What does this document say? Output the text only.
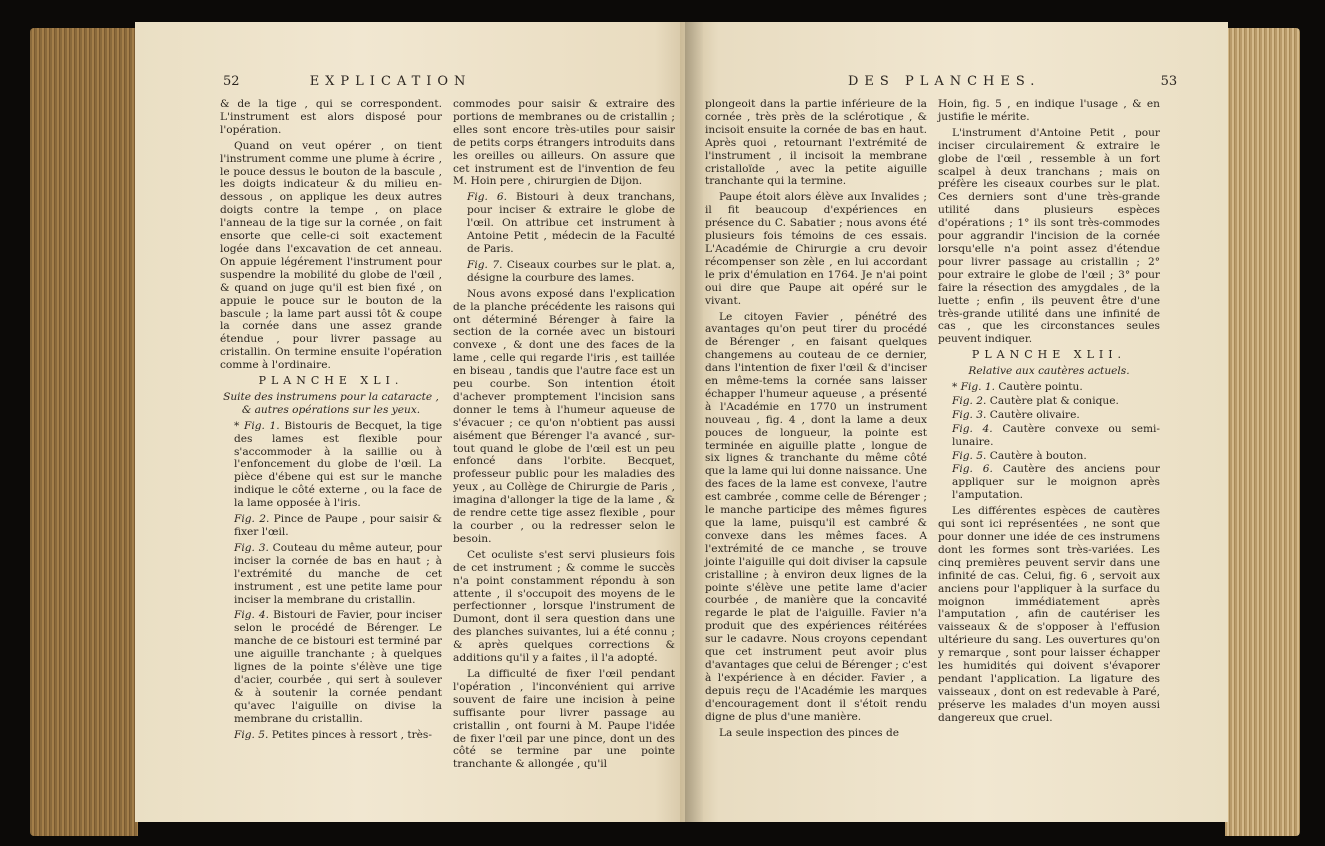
52	EXPLICATION

& de la tige , qui se correspondent. L'instrument est alors disposé pour l'opération.

Quand on veut opérer , on tient l'instrument comme une plume à écrire , le pouce dessus le bouton de la bascule , les doigts indicateur & du milieu en-dessous , on applique les deux autres doigts contre la tempe , on place l'anneau de la tige sur la cornée , on fait ensorte que celle-ci soit exactement logée dans l'excavation de cet anneau. On appuie légérement l'instrument pour suspendre la mobilité du globe de l'œil , & quand on juge qu'il est bien fixé , on appuie le pouce sur le bouton de la bascule ; la lame part aussi tôt & coupe la cornée dans une assez grande étendue , pour livrer passage au cristallin. On termine ensuite l'opération comme à l'ordinaire.

PLANCHE XLI.

Suite des instrumens pour la cataracte , & autres opérations sur les yeux.

* Fig. 1. Bistouris de Becquet, la tige des lames est flexible pour s'accommoder à la saillie ou à l'enfoncement du globe de l'œil. La pièce d'ébene qui est sur le manche indique le côté externe , ou la face de la lame opposée à l'iris.

Fig. 2. Pince de Paupe , pour saisir & fixer l'œil.

Fig. 3. Couteau du même auteur, pour inciser la cornée de bas en haut ; à l'extrémité du manche de cet instrument , est une petite lame pour inciser la membrane du cristallin.

Fig. 4. Bistouri de Favier, pour inciser selon le procédé de Bérenger. Le manche de ce bistouri est terminé par une aiguille tranchante ; à quelques lignes de la pointe s'élève une tige d'acier, courbée , qui sert à soulever & à soutenir la cornée pendant qu'avec l'aiguille on divise la membrane du cristallin.

Fig. 5. Petites pinces à ressort , très-

commodes pour saisir & extraire des portions de membranes ou de cristallin ; elles sont encore très-utiles pour saisir de petits corps étrangers introduits dans les oreilles ou ailleurs. On assure que cet instrument est de l'invention de feu M. Hoin pere , chirurgien de Dijon.

Fig. 6. Bistouri à deux tranchans, pour inciser & extraire le globe de l'œil. On attribue cet instrument à Antoine Petit , médecin de la Faculté de Paris.

Fig. 7. Ciseaux courbes sur le plat. a, désigne la courbure des lames.

Nous avons exposé dans l'explication de la planche précédente les raisons qui ont déterminé Bérenger à faire la section de la cornée avec un bistouri convexe , & dont une des faces de la lame , celle qui regarde l'iris , est taillée en biseau , tandis que l'autre face est un peu courbe. Son intention étoit d'achever promptement l'incision sans donner le tems à l'humeur aqueuse de s'évacuer ; ce qu'on n'obtient pas aussi aisément que Bérenger l'a avancé , sur-tout quand le globe de l'œil est un peu enfoncé dans l'orbite. Becquet, professeur public pour les maladies des yeux , au Collège de Chirurgie de Paris , imagina d'allonger la tige de la lame , & de rendre cette tige assez flexible , pour la courber , ou la redresser selon le besoin.

Cet oculiste s'est servi plusieurs fois de cet instrument ; & comme le succès n'a point constamment répondu à son attente , il s'occupoit des moyens de le perfectionner , lorsque l'instrument de Dumont, dont il sera question dans une des planches suivantes, lui a été connu ; & après quelques corrections & additions qu'il y a faites , il l'a adopté.

La difficulté de fixer l'œil pendant l'opération , l'inconvénient qui arrive souvent de faire une incision à peine suffisante pour livrer passage au cristallin , ont fourni à M. Paupe l'idée de fixer l'œil par une pince, dont un des côté se termine par une pointe tranchante & allongée , qu'il

DES PLANCHES.	53

plongeoit dans la partie inférieure de la cornée , très près de la sclérotique , & incisoit ensuite la cornée de bas en haut. Après quoi , retournant l'extrémité de l'instrument , il incisoit la membrane cristalloïde , avec la petite aiguille tranchante qui la termine.

Paupe étoit alors élève aux Invalides ; il fit beaucoup d'expériences en présence du C. Sabatier ; nous avons été plusieurs fois témoins de ces essais. L'Académie de Chirurgie a cru devoir récompenser son zèle , en lui accordant le prix d'émulation en 1764. Je n'ai point oui dire que Paupe ait opéré sur le vivant.

Le citoyen Favier , pénétré des avantages qu'on peut tirer du procédé de Bérenger , en faisant quelques changemens au couteau de ce dernier, dans l'intention de fixer l'œil & d'inciser en même-tems la cornée sans laisser échapper l'humeur aqueuse , a présenté à l'Académie en 1770 un instrument nouveau , fig. 4 , dont la lame a deux pouces de longueur, la pointe est terminée en aiguille platte , longue de six lignes & tranchante du même côté que la lame qui lui donne naissance. Une des faces de la lame est convexe, l'autre est cambrée , comme celle de Bérenger ; le manche participe des mêmes figures que la lame, puisqu'il est cambré & convexe dans les mêmes faces. A l'extrémité de ce manche , se trouve jointe l'aiguille qui doit diviser la capsule cristalline ; à environ deux lignes de la pointe s'élève une petite lame d'acier courbée , de manière que la concavité regarde le plat de l'aiguille. Favier n'a produit que des expériences réitérées sur le cadavre. Nous croyons cependant que cet instrument peut avoir plus d'avantages que celui de Bérenger ; c'est à l'expérience à en décider. Favier , a depuis reçu de l'Académie les marques d'encouragement dont il s'étoit rendu digne de plus d'une manière.

La seule inspection des pinces de

Hoin, fig. 5 , en indique l'usage , & en justifie le mérite.

L'instrument d'Antoine Petit , pour inciser circulairement & extraire le globe de l'œil , ressemble à un fort scalpel à deux tranchans ; mais on préfère les ciseaux courbes sur le plat. Ces derniers sont d'une très-grande utilité dans plusieurs espèces d'opérations ; 1° ils sont très-commodes pour aggrandir l'incision de la cornée lorsqu'elle n'a point assez d'étendue pour livrer passage au cristallin ; 2° pour extraire le globe de l'œil ; 3° pour faire la résection des amygdales , de la luette ; enfin , ils peuvent être d'une très-grande utilité dans une infinité de cas , que les circonstances seules peuvent indiquer.

PLANCHE XLII.

Relative aux cautères actuels.

* Fig. 1. Cautère pointu.

Fig. 2. Cautère plat & conique.

Fig. 3. Cautère olivaire.

Fig. 4. Cautère convexe ou semi-lunaire.

Fig. 5. Cautère à bouton.

Fig. 6. Cautère des anciens pour appliquer sur le moignon après l'amputation.

Les différentes espèces de cautères qui sont ici représentées , ne sont que pour donner une idée de ces instrumens dont les formes sont très-variées. Les cinq premières peuvent servir dans une infinité de cas. Celui, fig. 6 , servoit aux anciens pour l'appliquer à la surface du moignon immédiatement après l'amputation , afin de cautériser les vaisseaux & de s'opposer à l'effusion ultérieure du sang. Les ouvertures qu'on y remarque , sont pour laisser échapper les humidités qui doivent s'évaporer pendant l'application. La ligature des vaisseaux , dont on est redevable à Paré, préserve les malades d'un moyen aussi dangereux que cruel.
